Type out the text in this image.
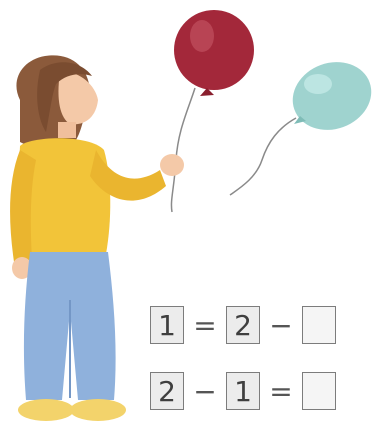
1 = 2 −
2 − 1 =
